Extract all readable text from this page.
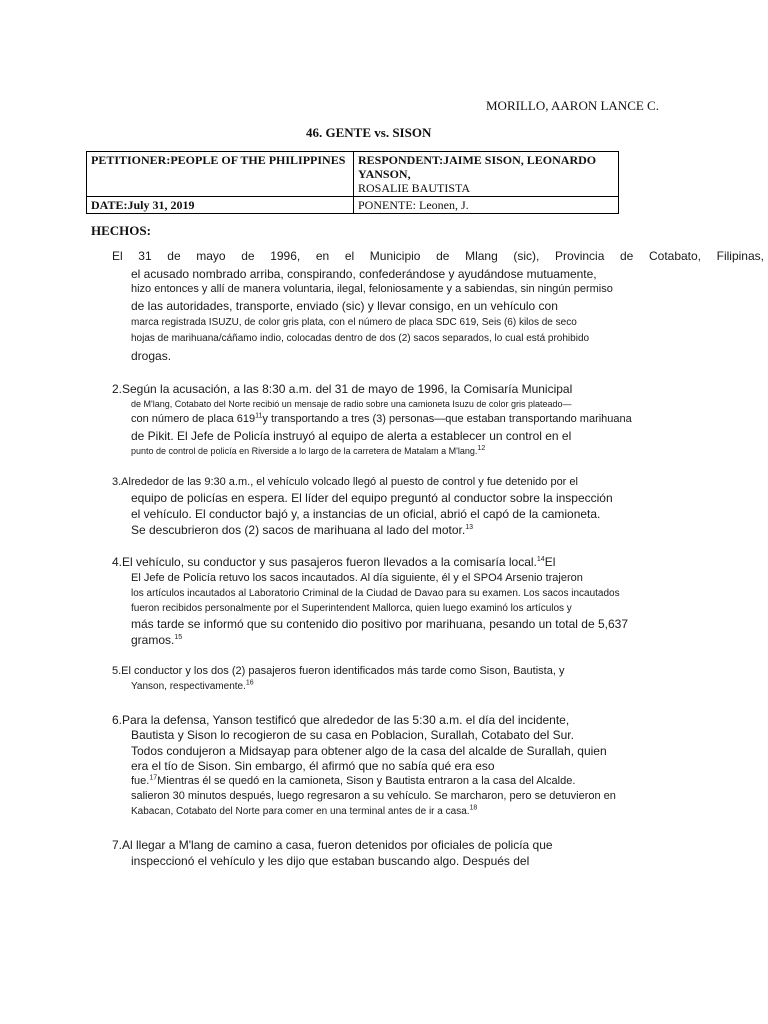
MORILLO, AARON LANCE C.
46. GENTE vs. SISON
PETITIONER:PEOPLE OF THE PHILIPPINES	RESPONDENT:JAIME SISON, LEONARDO YANSON,
ROSALIE BAUTISTA

DATE:July 31, 2019	PONENTE: Leonen, J.
HECHOS:
El 31 de mayo de 1996, en el Municipio de Mlang (sic), Provincia de Cotabato, Filipinas,
el acusado nombrado arriba, conspirando, confederándose y ayudándose mutuamente,
hizo entonces y allí de manera voluntaria, ilegal, feloniosamente y a sabiendas, sin ningún permiso
de las autoridades, transporte, enviado (sic) y llevar consigo, en un vehículo con
marca registrada ISUZU, de color gris plata, con el número de placa SDC 619, Seis (6) kilos de seco
hojas de marihuana/cáñamo indio, colocadas dentro de dos (2) sacos separados, lo cual está prohibido
drogas.
2.Según la acusación, a las 8:30 a.m. del 31 de mayo de 1996, la Comisaría Municipal
de M'lang, Cotabato del Norte recibió un mensaje de radio sobre una camioneta Isuzu de color gris plateado—
con número de placa $619^{11}y$ transportando a tres (3) personas—que estaban transportando marihuana
de Pikit. El Jefe de Policía instruyó al equipo de alerta a establecer un control en el
punto de control de policía en Riverside a lo largo de la carretera de Matalam a M'lang.$^{12}$
3.Alrededor de las 9:30 a.m., el vehículo volcado llegó al puesto de control y fue detenido por el
equipo de policías en espera. El líder del equipo preguntó al conductor sobre la inspección
el vehículo. El conductor bajó y, a instancias de un oficial, abrió el capó de la camioneta.
Se descubrieron dos (2) sacos de marihuana al lado del motor.$^{13}$
4.El vehículo, su conductor y sus pasajeros fueron llevados a la comisaría local.$^{14}$El
El Jefe de Policía retuvo los sacos incautados. Al día siguiente, él y el SPO4 Arsenio trajeron
los artículos incautados al Laboratorio Criminal de la Ciudad de Davao para su examen. Los sacos incautados
fueron recibidos personalmente por el Superintendent Mallorca, quien luego examinó los artículos y
más tarde se informó que su contenido dio positivo por marihuana, pesando un total de 5,637
gramos.$^{15}$
5.El conductor y los dos (2) pasajeros fueron identificados más tarde como Sison, Bautista, y
Yanson, respectivamente.$^{16}$
6.Para la defensa, Yanson testificó que alrededor de las 5:30 a.m. el día del incidente,
Bautista y Sison lo recogieron de su casa en Poblacion, Surallah, Cotabato del Sur.
Todos condujeron a Midsayap para obtener algo de la casa del alcalde de Surallah, quien
era el tío de Sison. Sin embargo, él afirmó que no sabía qué era eso
fue.$^{17}$Mientras él se quedó en la camioneta, Sison y Bautista entraron a la casa del Alcalde.
salieron 30 minutos después, luego regresaron a su vehículo. Se marcharon, pero se detuvieron en
Kabacan, Cotabato del Norte para comer en una terminal antes de ir a casa.$^{18}$
7.Al llegar a M'lang de camino a casa, fueron detenidos por oficiales de policía que
inspeccionó el vehículo y les dijo que estaban buscando algo. Después del
